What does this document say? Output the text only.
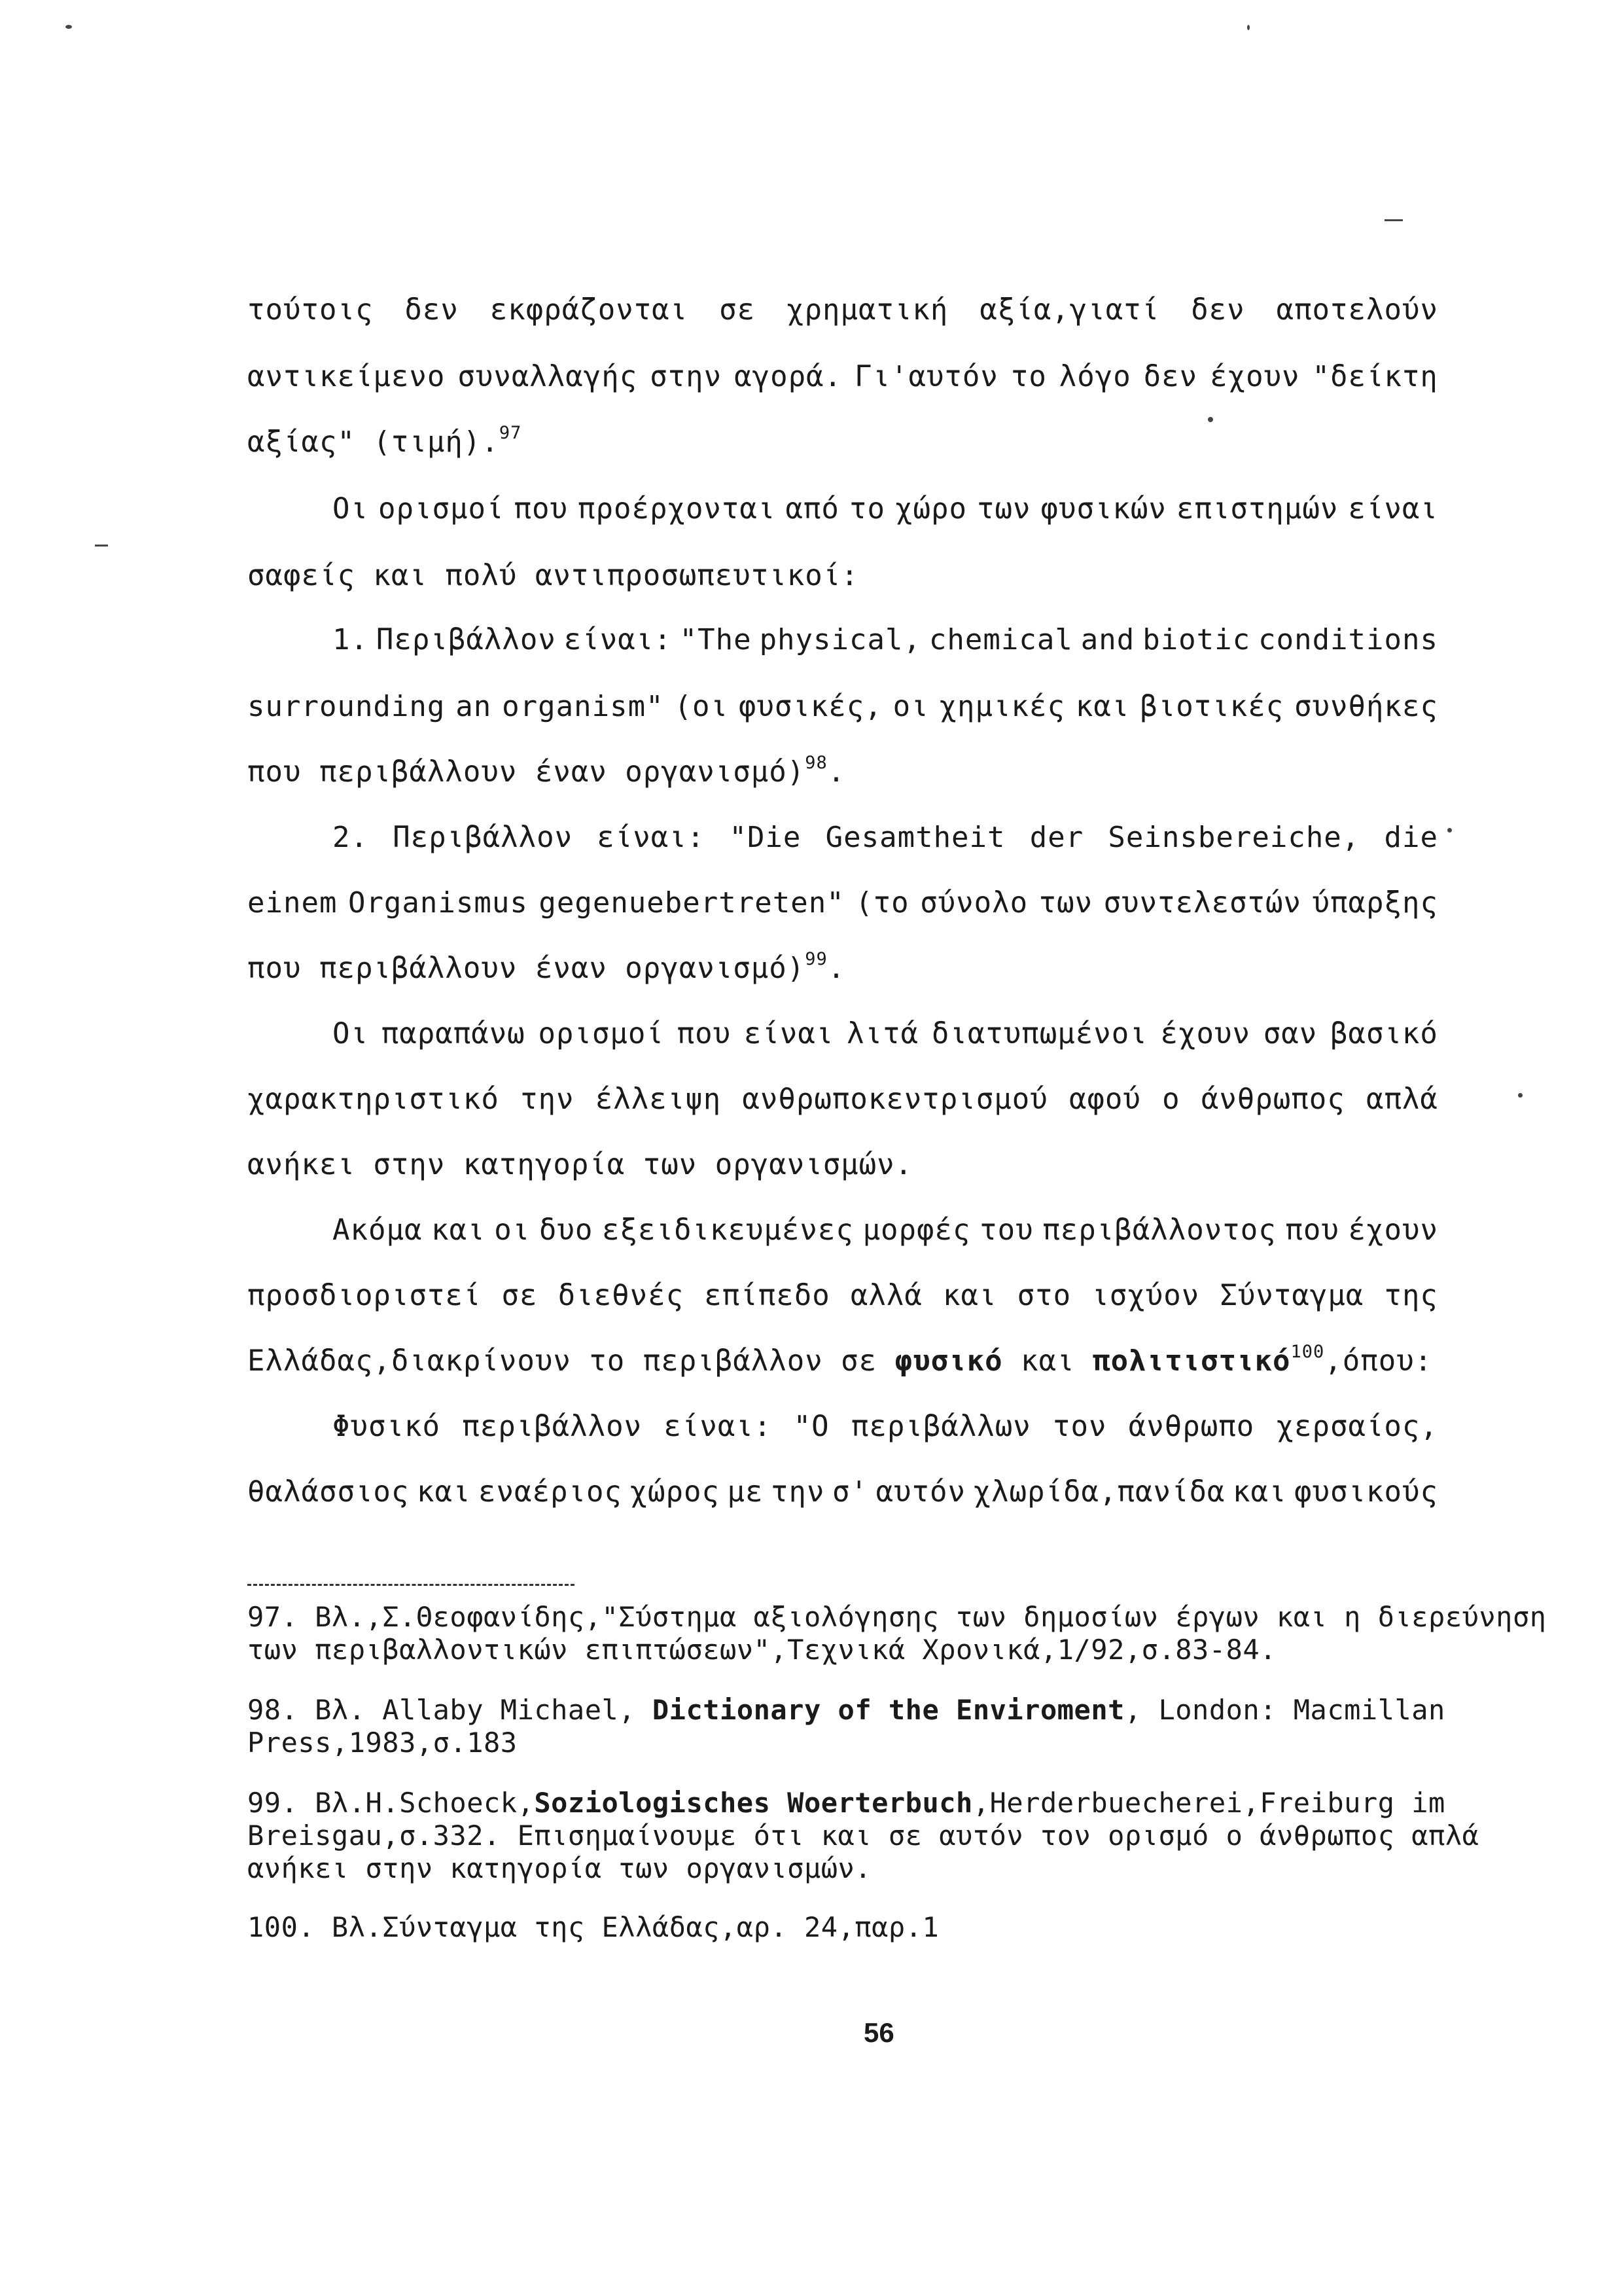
τούτοις δεν εκφράζονται σε χρηματική αξία,γιατί δεν αποτελούν
αντικείμενο συναλλαγής στην αγορά. Γι'αυτόν το λόγο δεν έχουν "δείκτη
αξίας" (τιμή).$^{97}$
Οι ορισμοί που προέρχονται από το χώρο των φυσικών επιστημών είναι
σαφείς και πολύ αντιπροσωπευτικοί:
1. Περιβάλλον είναι: "The physical, chemical and biotic conditions
surrounding an organism" (οι φυσικές, οι χημικές και βιοτικές συνθήκες
που περιβάλλουν έναν οργανισμό)$^{98}$.
2. Περιβάλλον είναι: "Die Gesamtheit der Seinsbereiche, die
einem Organismus gegenuebertreten" (το σύνολο των συντελεστών ύπαρξης
που περιβάλλουν έναν οργανισμό)$^{99}$.
Οι παραπάνω ορισμοί που είναι λιτά διατυπωμένοι έχουν σαν βασικό
χαρακτηριστικό την έλλειψη ανθρωποκεντρισμού αφού ο άνθρωπος απλά
ανήκει στην κατηγορία των οργανισμών.
Ακόμα και οι δυο εξειδικευμένες μορφές του περιβάλλοντος που έχουν
προσδιοριστεί σε διεθνές επίπεδο αλλά και στο ισχύον Σύνταγμα της
Ελλάδας,διακρίνουν το περιβάλλον σε φυσικό και πολιτιστικό$^{100}$,όπου:
Φυσικό περιβάλλον είναι: "Ο περιβάλλων τον άνθρωπο χερσαίος,
θαλάσσιος και εναέριος χώρος με την σ' αυτόν χλωρίδα,πανίδα και φυσικούς
97. Βλ.,Σ.Θεοφανίδης,"Σύστημα αξιολόγησης των δημοσίων έργων και η διερεύνηση
των περιβαλλοντικών επιπτώσεων",Τεχνικά Χρονικά,1/92,σ.83-84.
98. Βλ. Allaby Michael, Dictionary of the Enviroment, London: Macmillan
Press,1983,σ.183
99. Βλ.H.Schoeck,Soziologisches Woerterbuch,Herderbuecherei,Freiburg im
Breisgau,σ.332. Επισημαίνουμε ότι και σε αυτόν τον ορισμό ο άνθρωπος απλά
ανήκει στην κατηγορία των οργανισμών.
100. Βλ.Σύνταγμα της Ελλάδας,αρ. 24,παρ.1
56
